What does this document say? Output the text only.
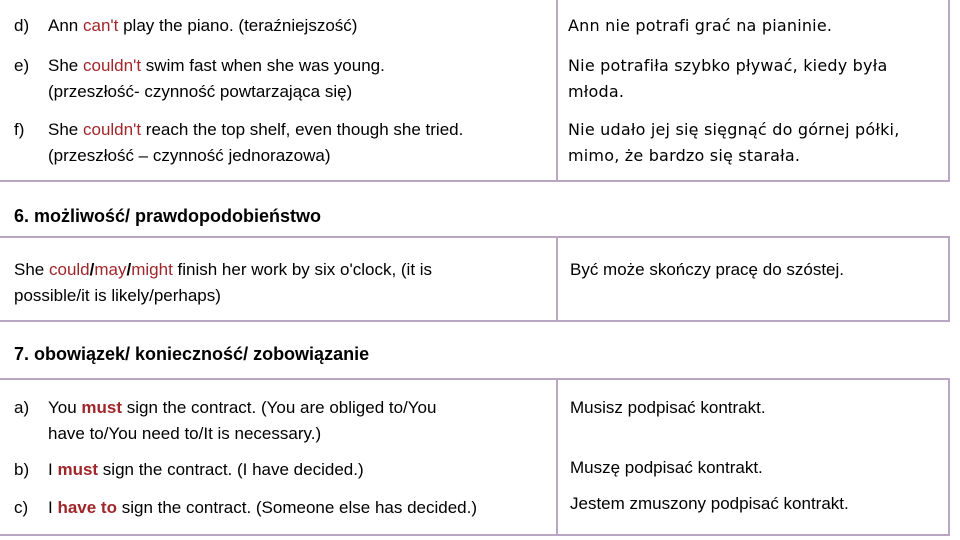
d) Ann can't play the piano. (teraźniejszość)
e) She couldn't swim fast when she was young.
(przeszłość- czynność powtarzająca się)
f) She couldn't reach the top shelf, even though she tried.
(przeszłość – czynność jednorazowa)
Ann nie potrafi grać na pianinie.
Nie potrafiła szybko pływać, kiedy była
młoda.
Nie udało jej się sięgnąć do górnej półki,
mimo, że bardzo się starała.
6. możliwość/ prawdopodobieństwo
She could/may/might finish her work by six o'clock, (it is
possible/it is likely/perhaps)
Być może skończy pracę do szóstej.
7. obowiązek/ konieczność/ zobowiązanie
a) You must sign the contract. (You are obliged to/You
have to/You need to/It is necessary.)
b) I must sign the contract. (I have decided.)
c) I have to sign the contract. (Someone else has decided.)
Musisz podpisać kontrakt.
Muszę podpisać kontrakt.
Jestem zmuszony podpisać kontrakt.
